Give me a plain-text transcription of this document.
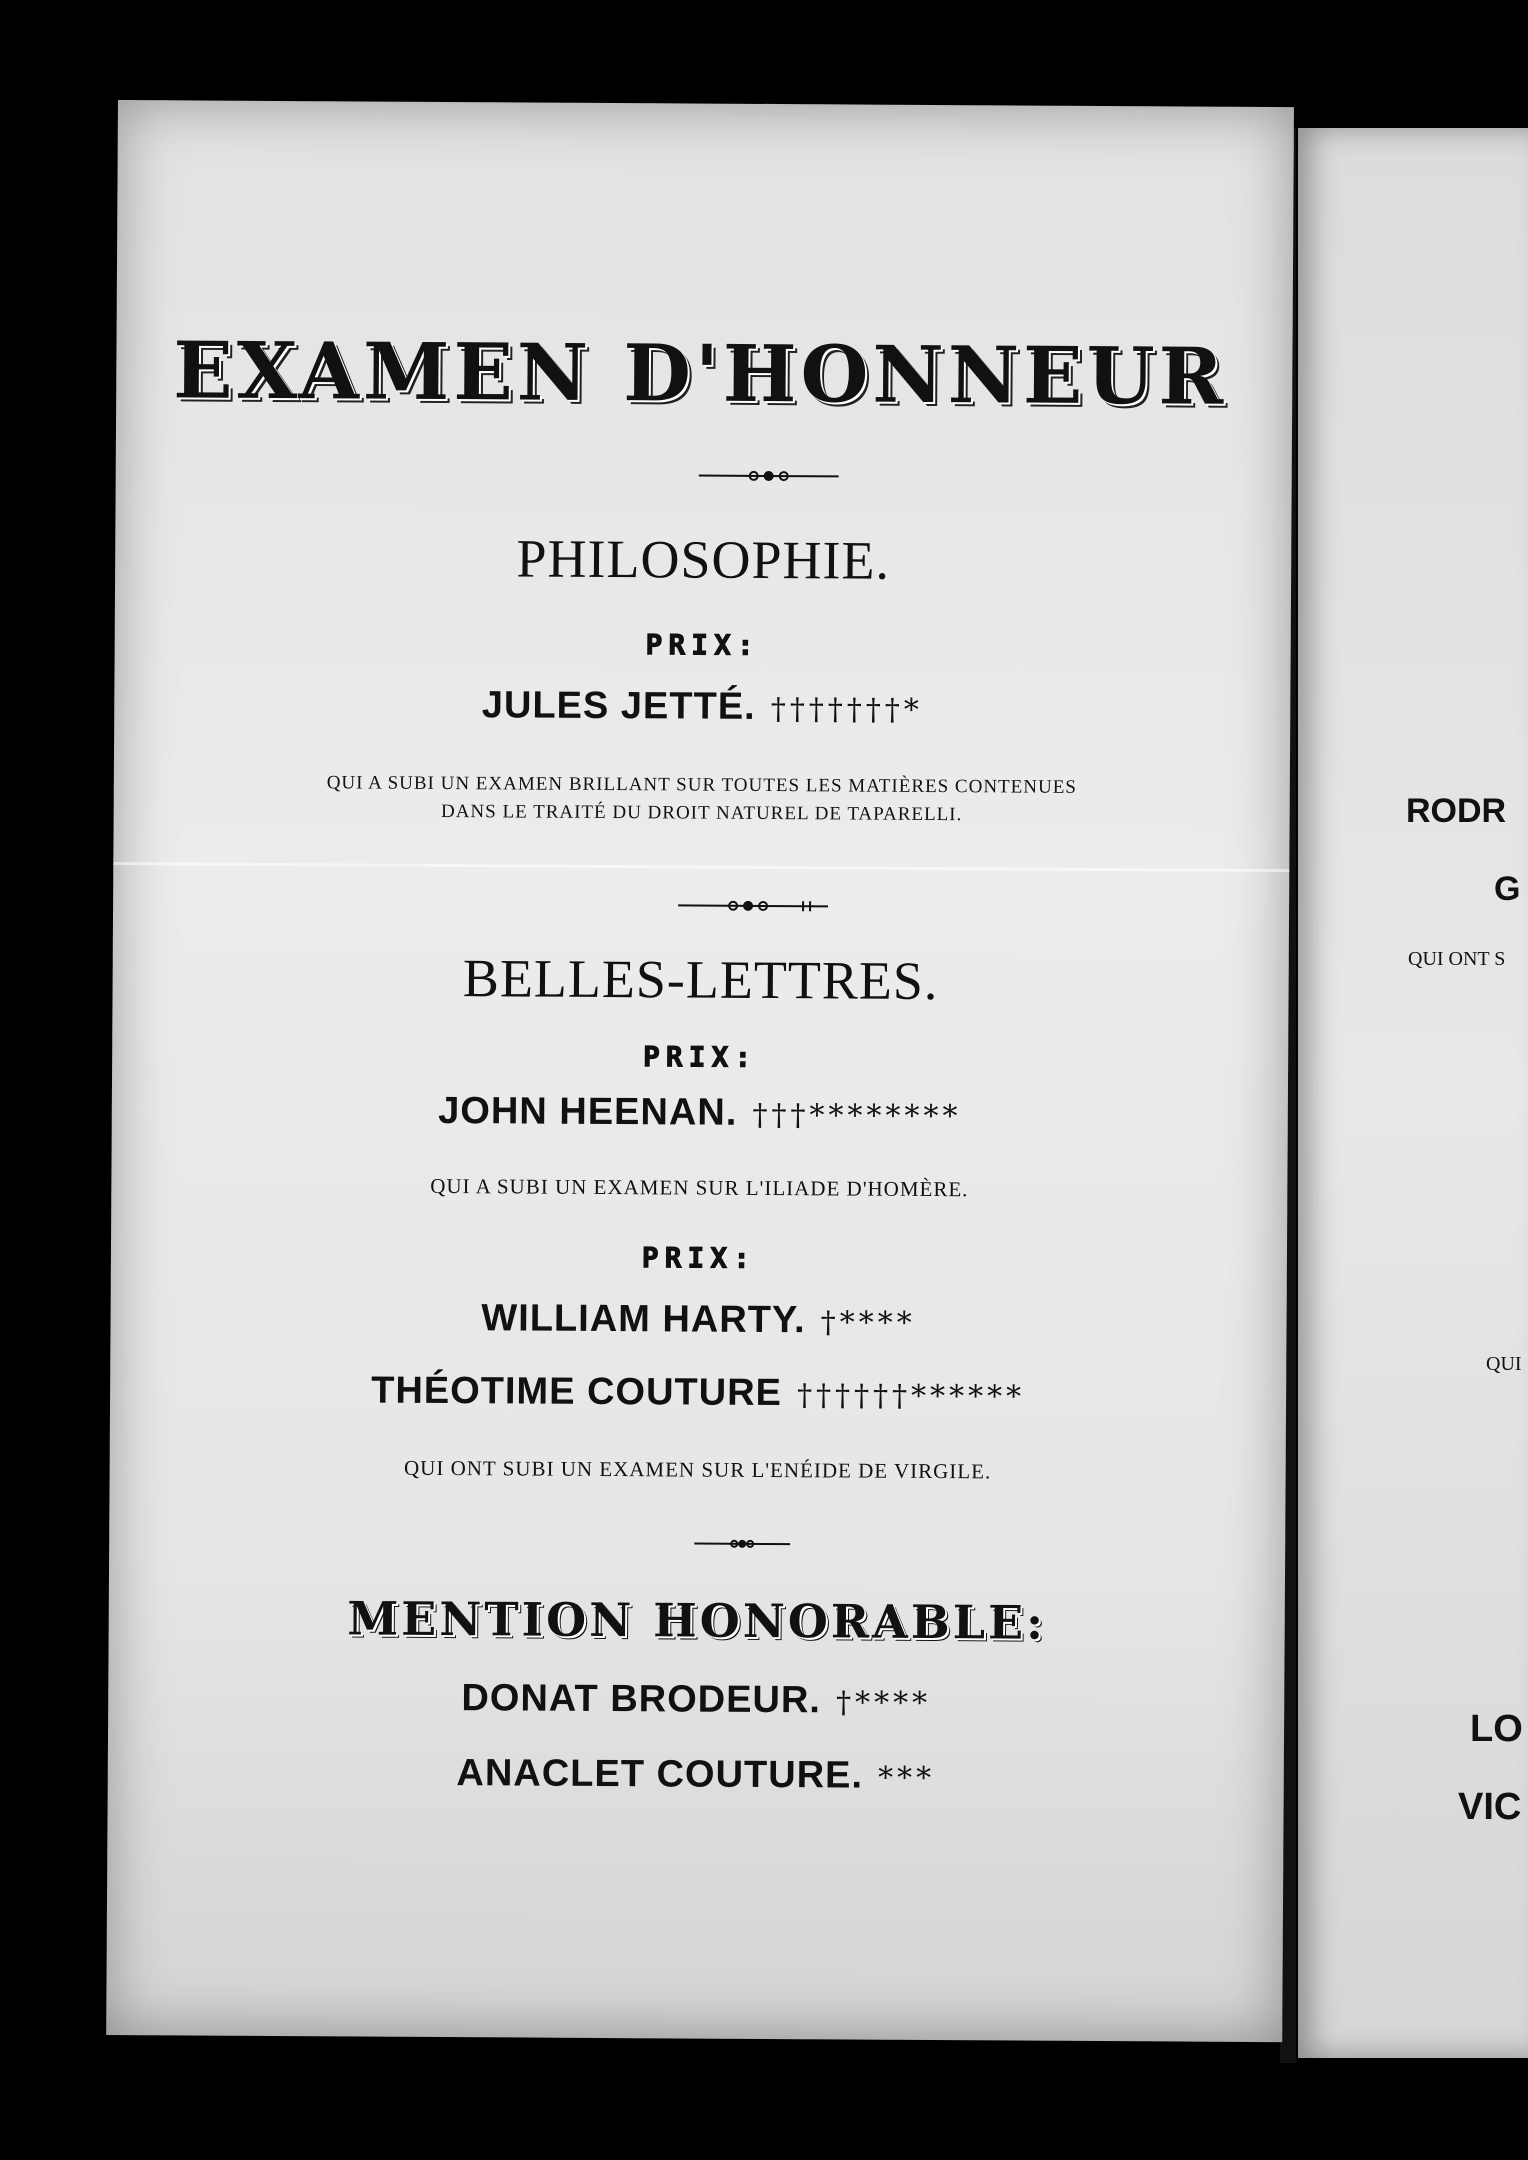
RODR
G
QUI ONT S
QUI
LO
VIC
EXAMEN D'HONNEUR
PHILOSOPHIE.
PRIX:
JULES JETTÉ. †††††††*
QUI A SUBI UN EXAMEN BRILLANT SUR TOUTES LES MATIÈRES CONTENUES
DANS LE TRAITÉ DU DROIT NATUREL DE TAPARELLI.
BELLES-LETTRES.
PRIX:
JOHN HEENAN. †††********
QUI A SUBI UN EXAMEN SUR L'ILIADE D'HOMÈRE.
PRIX:
WILLIAM HARTY. †****
THÉOTIME COUTURE ††††††******
QUI ONT SUBI UN EXAMEN SUR L'ENÉIDE DE VIRGILE.
MENTION HONORABLE:
DONAT BRODEUR. †****
ANACLET COUTURE. ***
